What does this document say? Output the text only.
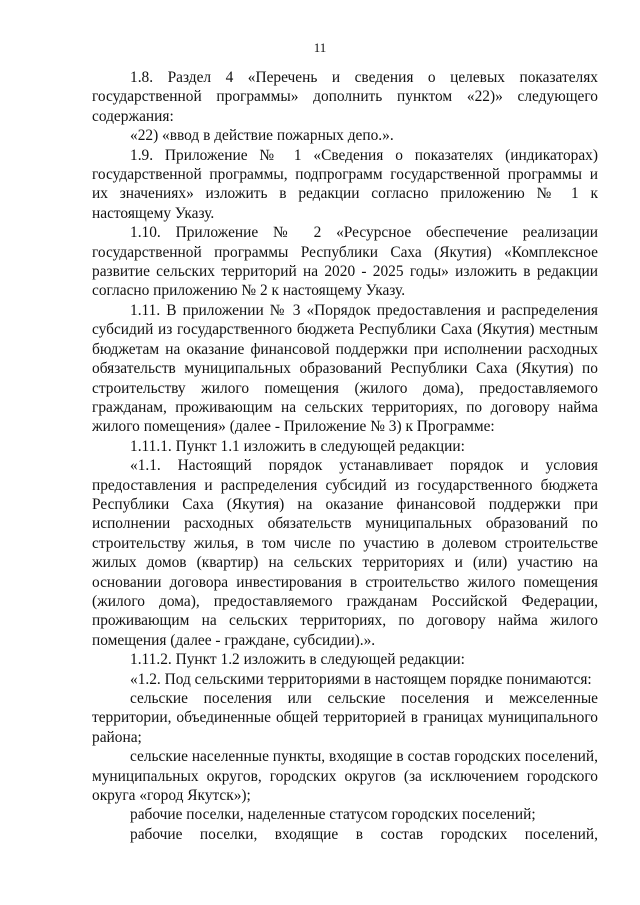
11

1.8. Раздел 4 «Перечень и сведения о целевых показателях государственной программы» дополнить пунктом «22)» следующего содержания:

«22) «ввод в действие пожарных депо.».

1.9. Приложение № 1 «Сведения о показателях (индикаторах) государственной программы, подпрограмм государственной программы и их значениях» изложить в редакции согласно приложению № 1 к настоящему Указу.

1.10. Приложение № 2 «Ресурсное обеспечение реализации государственной программы Республики Саха (Якутия) «Комплексное развитие сельских территорий на 2020 - 2025 годы» изложить в редакции согласно приложению № 2 к настоящему Указу.

1.11. В приложении № 3 «Порядок предоставления и распределения субсидий из государственного бюджета Республики Саха (Якутия) местным бюджетам на оказание финансовой поддержки при исполнении расходных обязательств муниципальных образований Республики Саха (Якутия) по строительству жилого помещения (жилого дома), предоставляемого гражданам, проживающим на сельских территориях, по договору найма жилого помещения» (далее - Приложение № 3) к Программе:

1.11.1. Пункт 1.1 изложить в следующей редакции:

«1.1. Настоящий порядок устанавливает порядок и условия предоставления и распределения субсидий из государственного бюджета Республики Саха (Якутия) на оказание финансовой поддержки при исполнении расходных обязательств муниципальных образований по строительству жилья, в том числе по участию в долевом строительстве жилых домов (квартир) на сельских территориях и (или) участию на основании договора инвестирования в строительство жилого помещения (жилого дома), предоставляемого гражданам Российской Федерации, проживающим на сельских территориях, по договору найма жилого помещения (далее - граждане, субсидии).».

1.11.2. Пункт 1.2 изложить в следующей редакции:

«1.2. Под сельскими территориями в настоящем порядке понимаются:

сельские поселения или сельские поселения и межселенные территории, объединенные общей территорией в границах муниципального района;

сельские населенные пункты, входящие в состав городских поселений, муниципальных округов, городских округов (за исключением городского округа «город Якутск»);

рабочие поселки, наделенные статусом городских поселений;

рабочие поселки, входящие в состав городских поселений,
